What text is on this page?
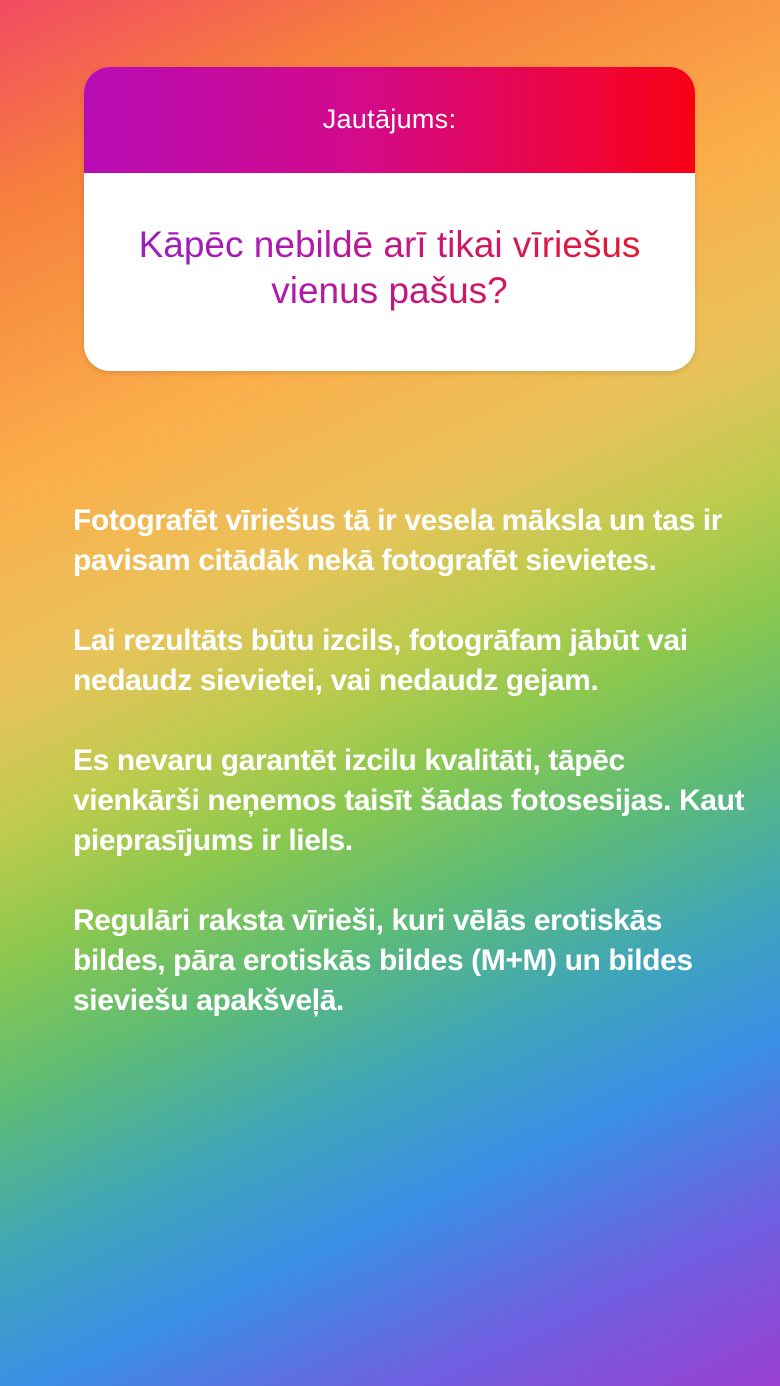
Jautājums:

Kāpēc nebildē arī tikai vīriešus vienus pašus?

Fotografēt vīriešus tā ir vesela māksla un tas ir pavisam citādāk nekā fotografēt sievietes.

Lai rezultāts būtu izcils, fotogrāfam jābūt vai nedaudz sievietei, vai nedaudz gejam.

Es nevaru garantēt izcilu kvalitāti, tāpēc vienkārši neņemos taisīt šādas fotosesijas. Kaut pieprasījums ir liels.

Regulāri raksta vīrieši, kuri vēlās erotiskās bildes, pāra erotiskās bildes (M+M) un bildes sieviešu apakšveļā.
